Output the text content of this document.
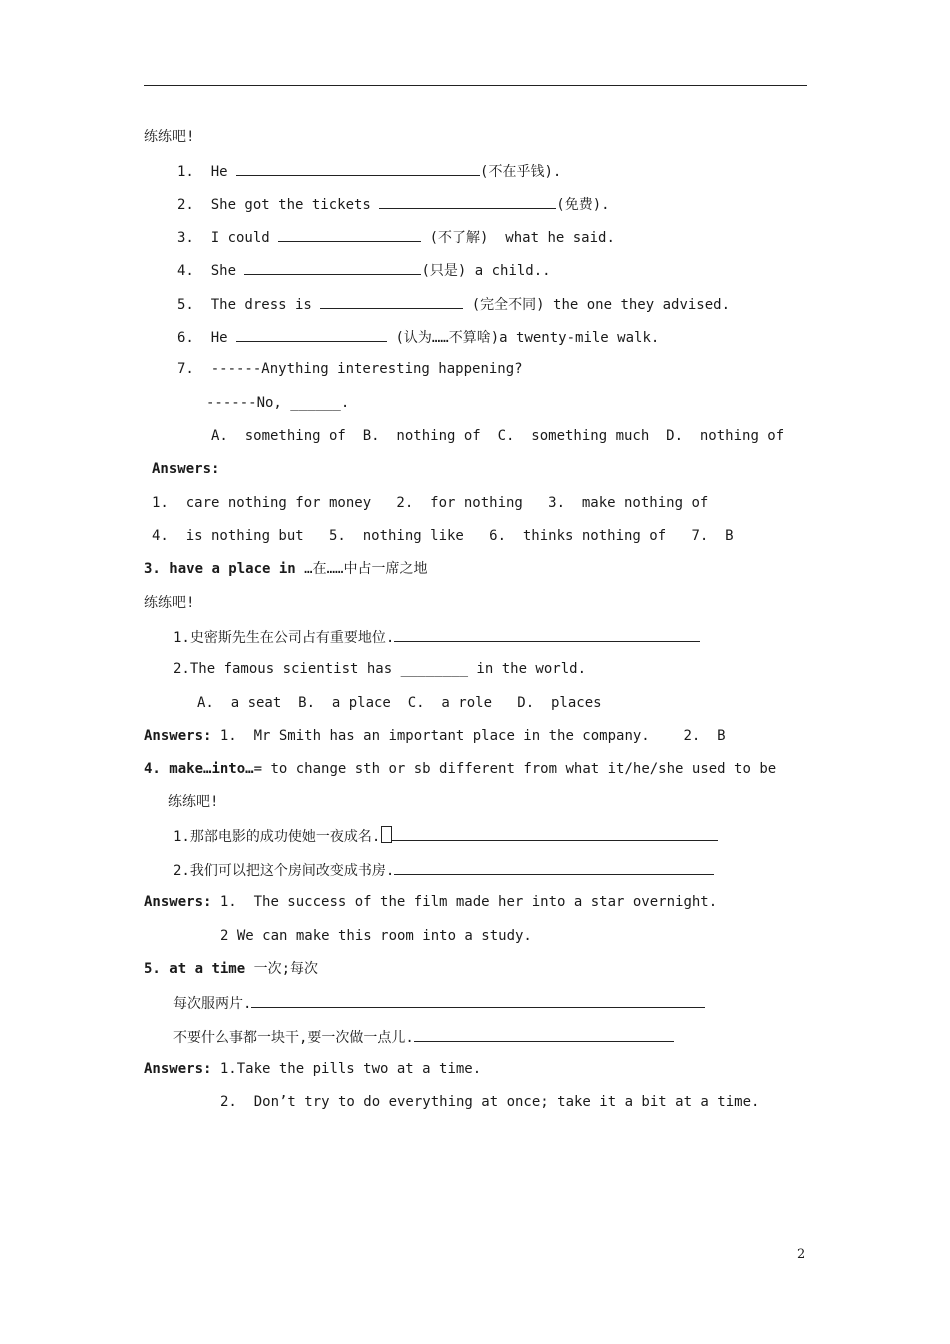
练练吧!
1. He	(不在乎钱).
2. She got the tickets	(免费).
3. I could	(不了解)  what he said.
4. She	(只是) a child..
5. The dress is	(完全不同) the one they advised.
6. He	(认为……不算啥)a twenty-mile walk.
7. ------Anything interesting happening?
------No, ______.
A.  something of  B.  nothing of  C.  something much  D.  nothing of
Answers:
1.  care nothing for money   2.  for nothing   3.  make nothing of
4.  is nothing but   5.  nothing like   6.  thinks nothing of   7.  B
3. have a place in …在……中占一席之地
练练吧!
1.史密斯先生在公司占有重要地位.
2.The famous scientist has ________ in the world.
A.  a seat  B.  a place  C.  a role   D.  places
Answers: 1.  Mr Smith has an important place in the company.    2.  B
4. make…into…= to change sth or sb different from what it/he/she used to be
练练吧!
1.那部电影的成功使她一夜成名.
2.我们可以把这个房间改变成书房.
Answers: 1.  The success of the film made her into a star overnight.
2 We can make this room into a study.
5. at a time 一次;每次
每次服两片.
不要什么事都一块干,要一次做一点儿.
Answers: 1.Take the pills two at a time.
2.  Don’t try to do everything at once; take it a bit at a time.
2
